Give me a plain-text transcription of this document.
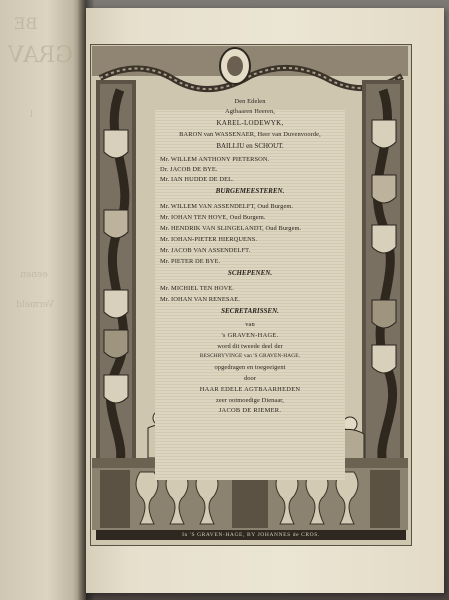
BE
GRAV
l
eenen
Vermeld
Den Edelen
Agtbaaren Heeren,
KAREL-LODEWYK,
BARON van WASSENAER, Heer van Duvenvoorde,
BAILLIU en SCHOUT.
Mr. WILLEM ANTHONY PIETERSON.
Dr. JACOB DE BYE.
Mr. IAN HUDDE DE DEL.
BURGEMEESTEREN.
Mr. WILLEM VAN ASSENDELFT, Oud Burgem.
Mr. IOHAN TEN HOVE, Oud Burgem.
Mr. HENDRIK VAN SLINGELANDT, Oud Burgem.
Mr. IOHAN-PIETER HIERQUENS.
Mr. JACOB VAN ASSENDELFT.
Mr. PIETER DE BYE.
SCHEPENEN.
Mr. MICHIEL TEN HOVE.
Mr. IOHAN VAN RENESAE.
SECRETARISSEN.
van
's GRAVEN-HAGE.
word dit tweede deel der
BESCHRYVINGE van 'S GRAVEN-HAGE.
opgedragen en toegeeigent
door
HAAR EDELE AGTBAARHEDEN
zeer ootmoedige Dienaar,
JACOB DE RIEMER.
In 'S GRAVEN-HAGE, BY JOHANNES de CROS.
